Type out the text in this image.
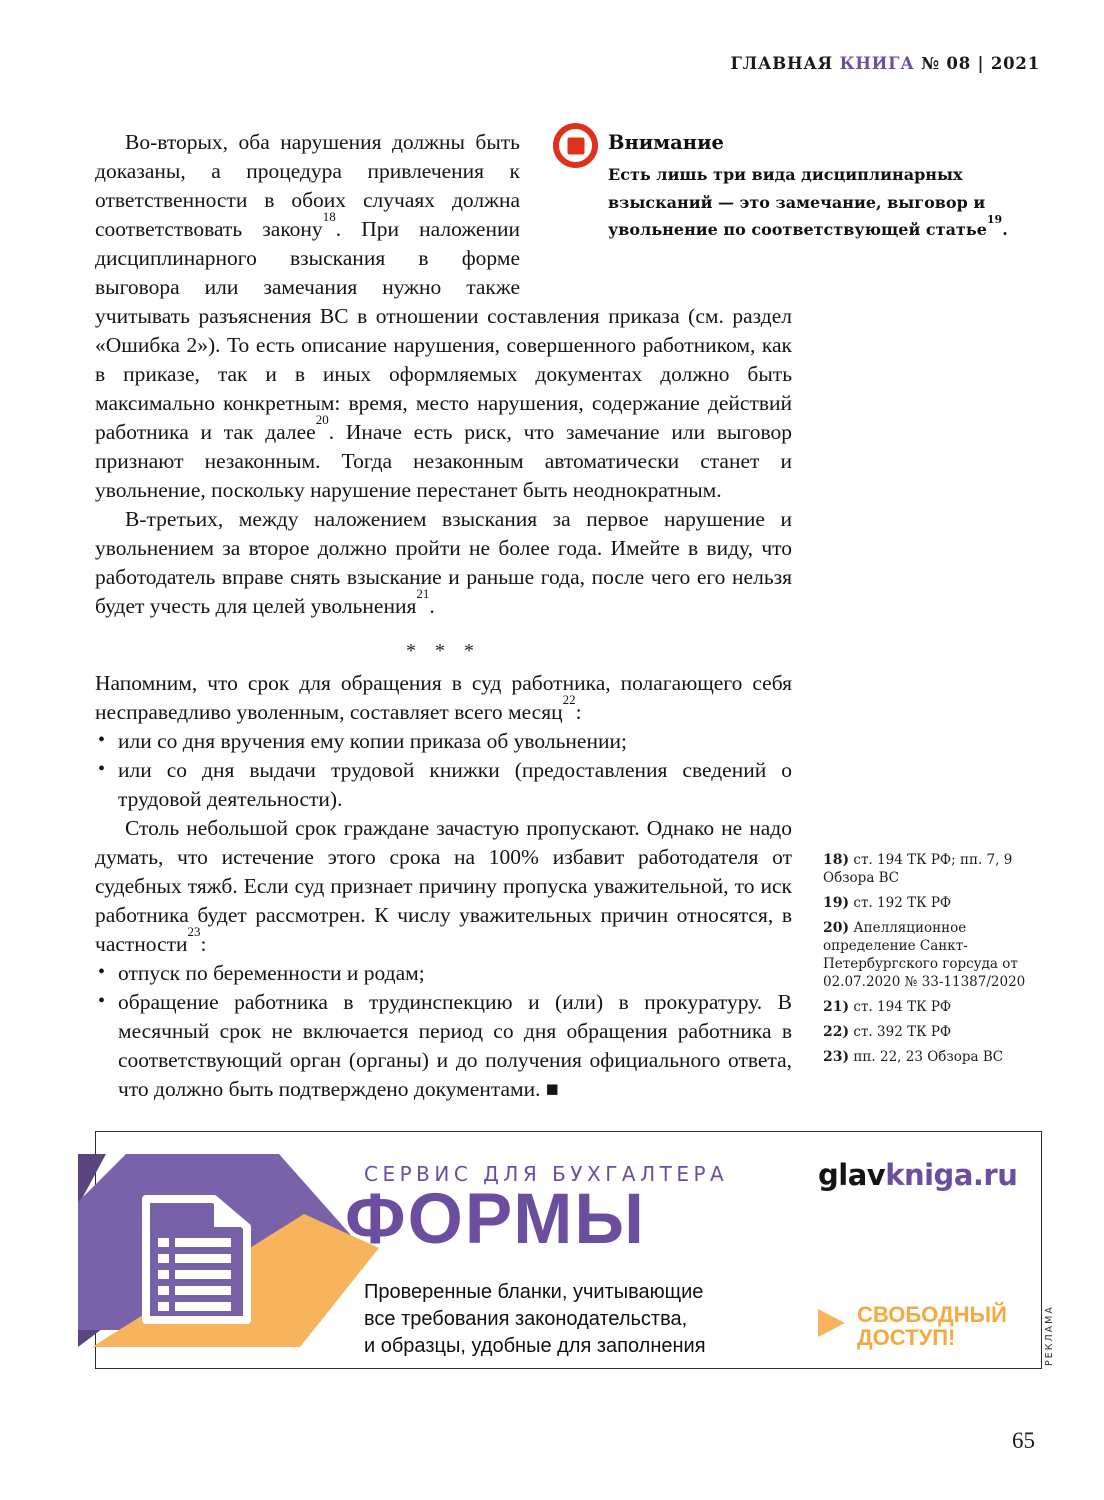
ГЛАВНАЯ КНИГА № 08 | 2021
Внимание
Есть лишь три вида дисциплинарных взысканий — это замечание, выговор и увольнение по соответствующей статье$^{19}$.

Во-вторых, оба нарушения должны быть доказаны, а процедура привлечения к ответственности в обоих случаях должна соответствовать закону$^{18}$. При наложении дисциплинарного взыскания в форме выговора или замечания нужно также учитывать разъяснения ВС в отношении составления приказа (см. раздел «Ошибка 2»). То есть описание нарушения, совершенного работником, как в приказе, так и в иных оформляемых документах должно быть максимально конкретным: время, место нарушения, содержание действий работника и так далее$^{20}$. Иначе есть риск, что замечание или выговор признают незаконным. Тогда незаконным автоматически станет и увольнение, поскольку нарушение перестанет быть неоднократным.

В-третьих, между наложением взыскания за первое нарушение и увольнением за второе должно пройти не более года. Имейте в виду, что работодатель вправе снять взыскание и раньше года, после чего его нельзя будет учесть для целей увольнения$^{21}$.

* * *

Напомним, что срок для обращения в суд работника, полагающего себя несправедливо уволенным, составляет всего месяц$^{22}$:

• или со дня вручения ему копии приказа об увольнении;
• или со дня выдачи трудовой книжки (предоставления сведений о трудовой деятельности).

Столь небольшой срок граждане зачастую пропускают. Однако не надо думать, что истечение этого срока на 100% избавит работодателя от судебных тяжб. Если суд признает причину пропуска уважительной, то иск работника будет рассмотрен. К числу уважительных причин относятся, в частности$^{23}$:

• отпуск по беременности и родам;
• обращение работника в трудинспекцию и (или) в прокуратуру. В месячный срок не включается период со дня обращения работника в соответствующий орган (органы) и до получения официального ответа, что должно быть подтверждено документами. ■
18) ст. 194 ТК РФ; пп. 7, 9 Обзора ВС
19) ст. 192 ТК РФ
20) Апелляционное определение Санкт-Петербургского горсуда от 02.07.2020 № 33-11387/2020
21) ст. 194 ТК РФ
22) ст. 392 ТК РФ
23) пп. 22, 23 Обзора ВС
СЕРВИС ДЛЯ БУХГАЛТЕРА
ФОРМЫ
Проверенные бланки, учитывающие
все требования законодательства,
и образцы, удобные для заполнения
glavkniga.ru
СВОБОДНЫЙ
ДОСТУП!	РЕКЛАМА
65
